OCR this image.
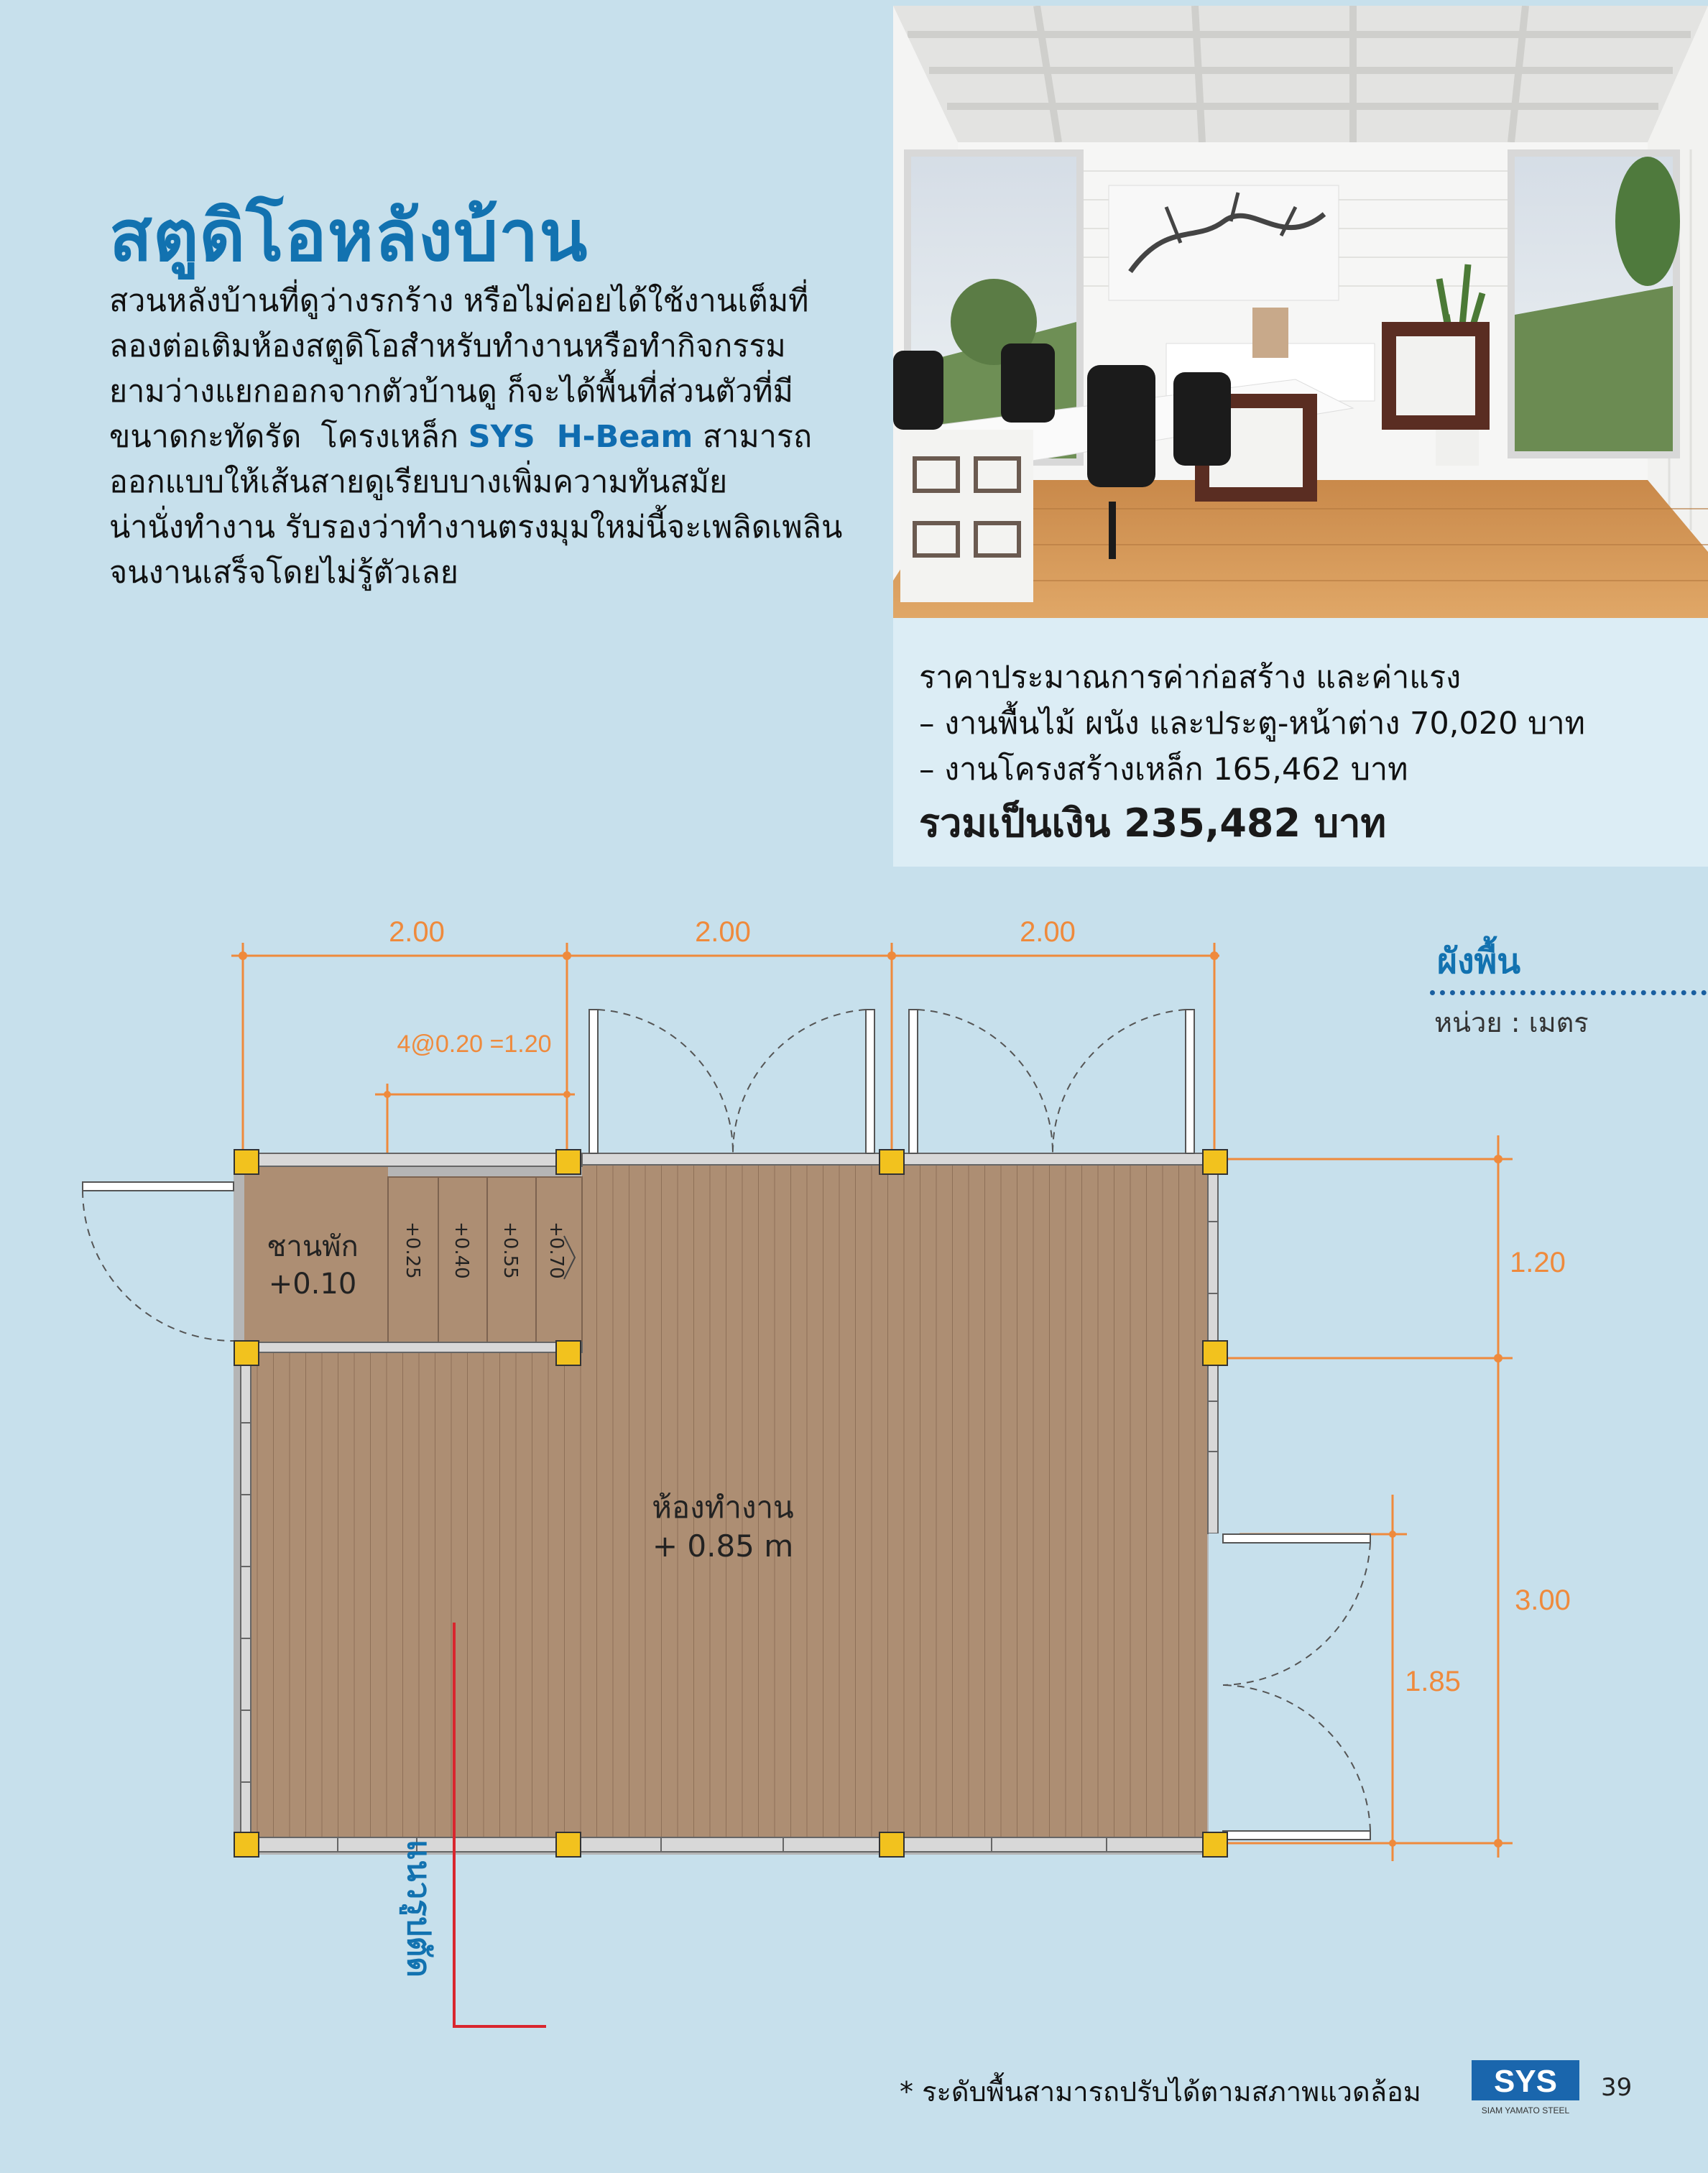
สตูดิโอหลังบ้าน
สวนหลังบ้านที่ดูว่างรกร้าง หรือไม่ค่อยได้ใช้งานเต็มที่
ลองต่อเติมห้องสตูดิโอสำหรับทำงานหรือทำกิจกรรม
ยามว่างแยกออกจากตัวบ้านดู ก็จะได้พื้นที่ส่วนตัวที่มี
ขนาดกะทัดรัด  โครงเหล็ก SYS  H-Beam สามารถ
ออกแบบให้เส้นสายดูเรียบบางเพิ่มความทันสมัย
น่านั่งทำงาน รับรองว่าทำงานตรงมุมใหม่นี้จะเพลิดเพลิน
จนงานเสร็จโดยไม่รู้ตัวเลย
ราคาประมาณการค่าก่อสร้าง และค่าแรง
– งานพื้นไม้ ผนัง และประตู-หน้าต่าง 70,020 บาท
– งานโครงสร้างเหล็ก 165,462 บาท
รวมเป็นเงิน 235,482 บาท
ผังพื้น
หน่วย : เมตร
2.00	2.00	2.00
4@0.20 =1.20
1.20
3.00
1.85
แนวรูปตัด
ชานพัก
+0.10
+0.25 +0.40 +0.55 +0.70
ห้องทำงาน
+ 0.85 m
* ระดับพื้นสามารถปรับได้ตามสภาพแวดล้อม SYS
SIAM YAMATO STEEL
39
